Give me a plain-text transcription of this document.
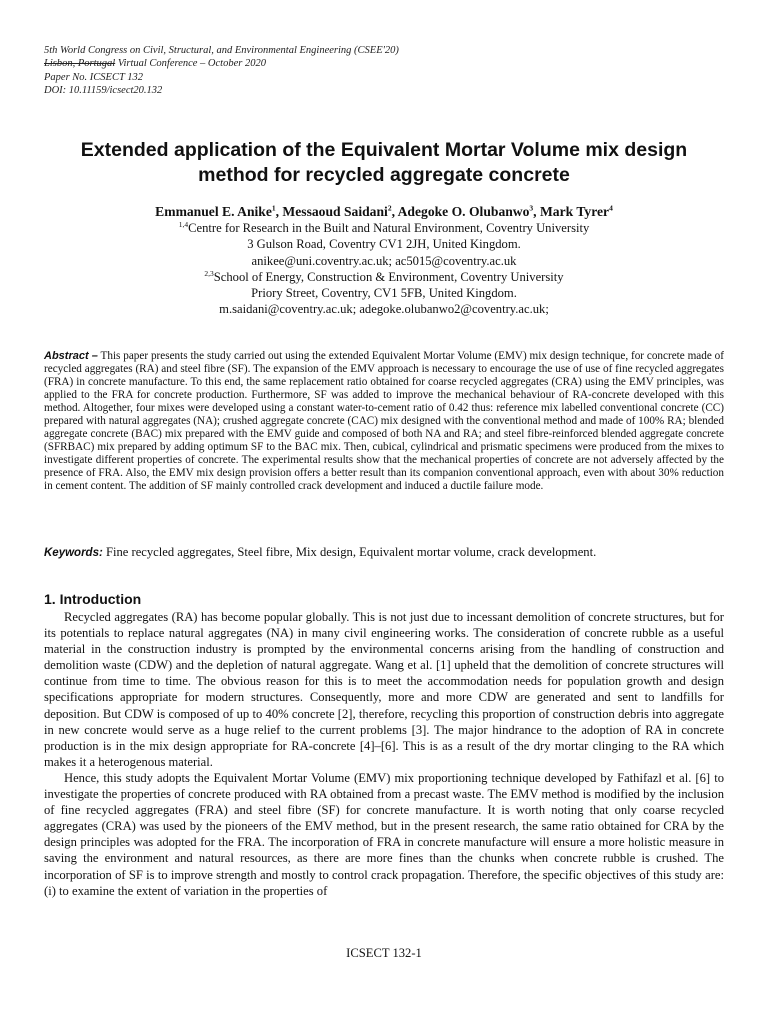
5th World Congress on Civil, Structural, and Environmental Engineering (CSEE'20)
Lisbon, Portugal Virtual Conference – October 2020
Paper No. ICSECT 132
DOI: 10.11159/icsect20.132
Extended application of the Equivalent Mortar Volume mix design
method for recycled aggregate concrete
Emmanuel E. Anike$^1$, Messaoud Saidani$^2$, Adegoke O. Olubanwo$^3$, Mark Tyrer$^4$
$^{1,4}$Centre for Research in the Built and Natural Environment, Coventry University
3 Gulson Road, Coventry CV1 2JH, United Kingdom.
anikee@uni.coventry.ac.uk; ac5015@coventry.ac.uk
$^{2,3}$School of Energy, Construction & Environment, Coventry University
Priory Street, Coventry, CV1 5FB, United Kingdom.
m.saidani@coventry.ac.uk; adegoke.olubanwo2@coventry.ac.uk;
Abstract – This paper presents the study carried out using the extended Equivalent Mortar Volume (EMV) mix design technique, for concrete made of recycled aggregates (RA) and steel fibre (SF). The expansion of the EMV approach is necessary to encourage the use of use of fine recycled aggregates (FRA) in concrete manufacture. To this end, the same replacement ratio obtained for coarse recycled aggregates (CRA) using the EMV principles, was applied to the FRA for concrete production. Furthermore, SF was added to improve the mechanical behaviour of RA-concrete developed with this method. Altogether, four mixes were developed using a constant water-to-cement ratio of 0.42 thus: reference mix labelled conventional concrete (CC) prepared with natural aggregates (NA); crushed aggregate concrete (CAC) mix designed with the conventional method and made of 100% RA; blended aggregate concrete (BAC) mix prepared with the EMV guide and composed of both NA and RA; and steel fibre-reinforced blended aggregate concrete (SFRBAC) mix prepared by adding optimum SF to the BAC mix. Then, cubical, cylindrical and prismatic specimens were produced from the mixes to investigate different properties of concrete. The experimental results show that the mechanical properties of concrete are not adversely affected by the presence of FRA. Also, the EMV mix design provision offers a better result than its companion conventional approach, even with about 30% reduction in cement content. The addition of SF mainly controlled crack development and induced a ductile failure mode.
Keywords: Fine recycled aggregates, Steel fibre, Mix design, Equivalent mortar volume, crack development.
1. Introduction

Recycled aggregates (RA) has become popular globally. This is not just due to incessant demolition of concrete structures, but for its potentials to replace natural aggregates (NA) in many civil engineering works. The consideration of concrete rubble as a useful material in the construction industry is prompted by the environmental concerns arising from the handling of construction and demolition waste (CDW) and the depletion of natural aggregate. Wang et al. [1] upheld that the demolition of concrete structures will continue from time to time. The obvious reason for this is to meet the accommodation needs for population growth and design specifications appropriate for modern structures. Consequently, more and more CDW are generated and sent to landfills for deposition. But CDW is composed of up to 40% concrete [2], therefore, recycling this proportion of construction debris into aggregate in new concrete would serve as a huge relief to the current problems [3]. The major hindrance to the adoption of RA in concrete production is in the mix design appropriate for RA-concrete [4]–[6]. This is as a result of the dry mortar clinging to the RA which makes it a heterogenous material.

Hence, this study adopts the Equivalent Mortar Volume (EMV) mix proportioning technique developed by Fathifazl et al. [6] to investigate the properties of concrete produced with RA obtained from a precast waste. The EMV method is modified by the inclusion of fine recycled aggregates (FRA) and steel fibre (SF) for concrete manufacture. It is worth noting that only coarse recycled aggregates (CRA) was used by the pioneers of the EMV method, but in the present research, the same ratio obtained for CRA by the design principles was adopted for the FRA. The incorporation of FRA in concrete manufacture will ensure a more holistic measure in saving the environment and natural resources, as there are more fines than the chunks when concrete rubble is crushed. The incorporation of SF is to improve strength and mostly to control crack propagation. Therefore, the specific objectives of this study are: (i) to examine the extent of variation in the properties of

ICSECT 132-1
